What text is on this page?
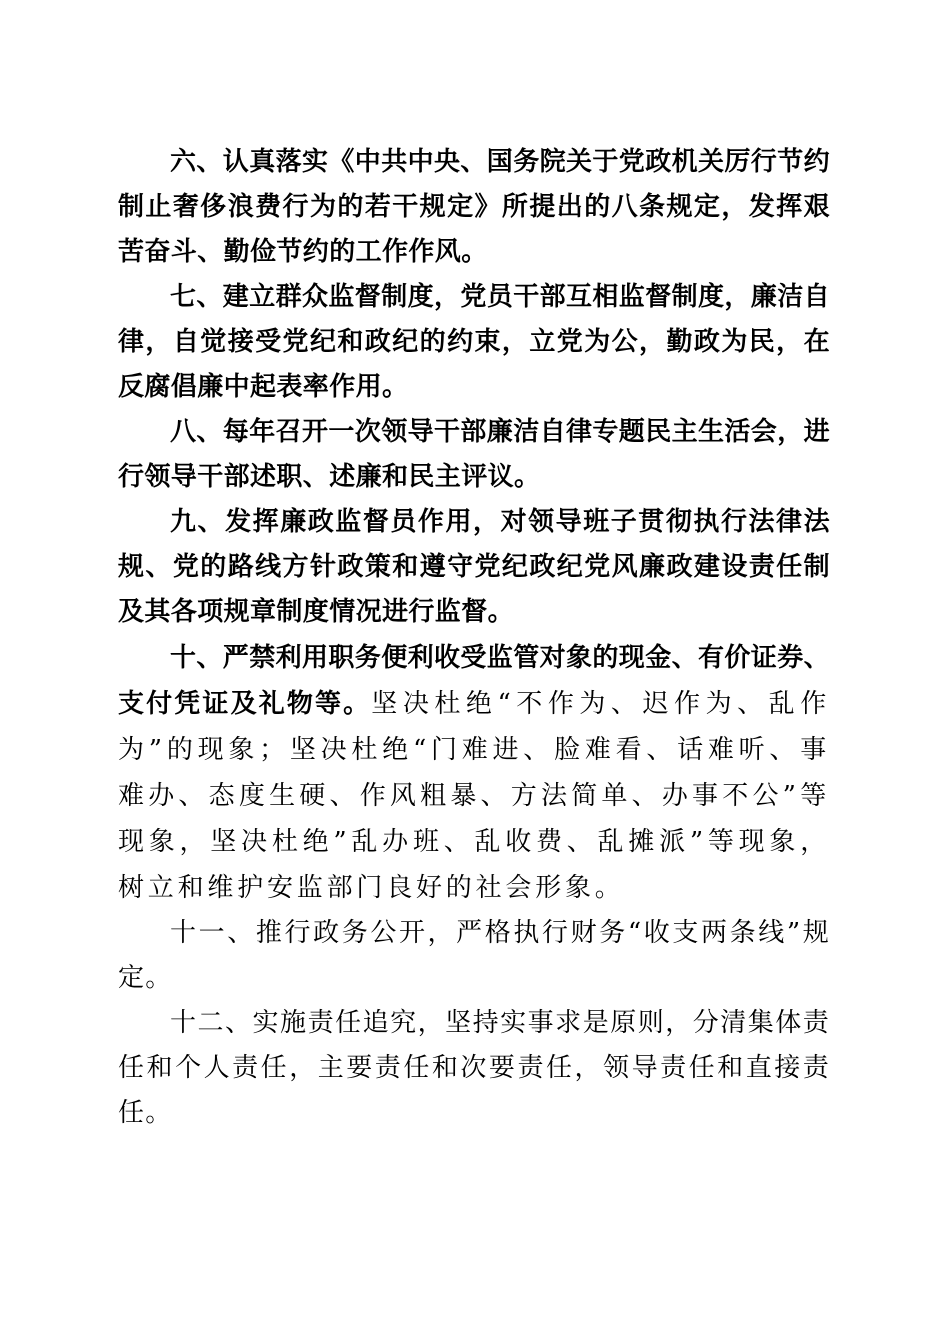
六、认真落实《中共中央、国务院关于党政机关厉行节约制止奢侈浪费行为的若干规定》所提出的八条规定，发挥艰苦奋斗、勤俭节约的工作作风。

七、建立群众监督制度，党员干部互相监督制度，廉洁自律，自觉接受党纪和政纪的约束，立党为公，勤政为民，在反腐倡廉中起表率作用。

八、每年召开一次领导干部廉洁自律专题民主生活会，进行领导干部述职、述廉和民主评议。

九、发挥廉政监督员作用，对领导班子贯彻执行法律法规、党的路线方针政策和遵守党纪政纪党风廉政建设责任制及其各项规章制度情况进行监督。

十、严禁利用职务便利收受监管对象的现金、有价证券、支付凭证及礼物等。坚决杜绝“不作为、迟作为、乱作为”的现象；坚决杜绝“门难进、脸难看、话难听、事难办、态度生硬、作风粗暴、方法简单、办事不公”等现象，坚决杜绝”乱办班、乱收费、乱摊派”等现象，树立和维护安监部门良好的社会形象。

十一、推行政务公开，严格执行财务“收支两条线”规定。

十二、实施责任追究，坚持实事求是原则，分清集体责任和个人责任，主要责任和次要责任，领导责任和直接责任。
